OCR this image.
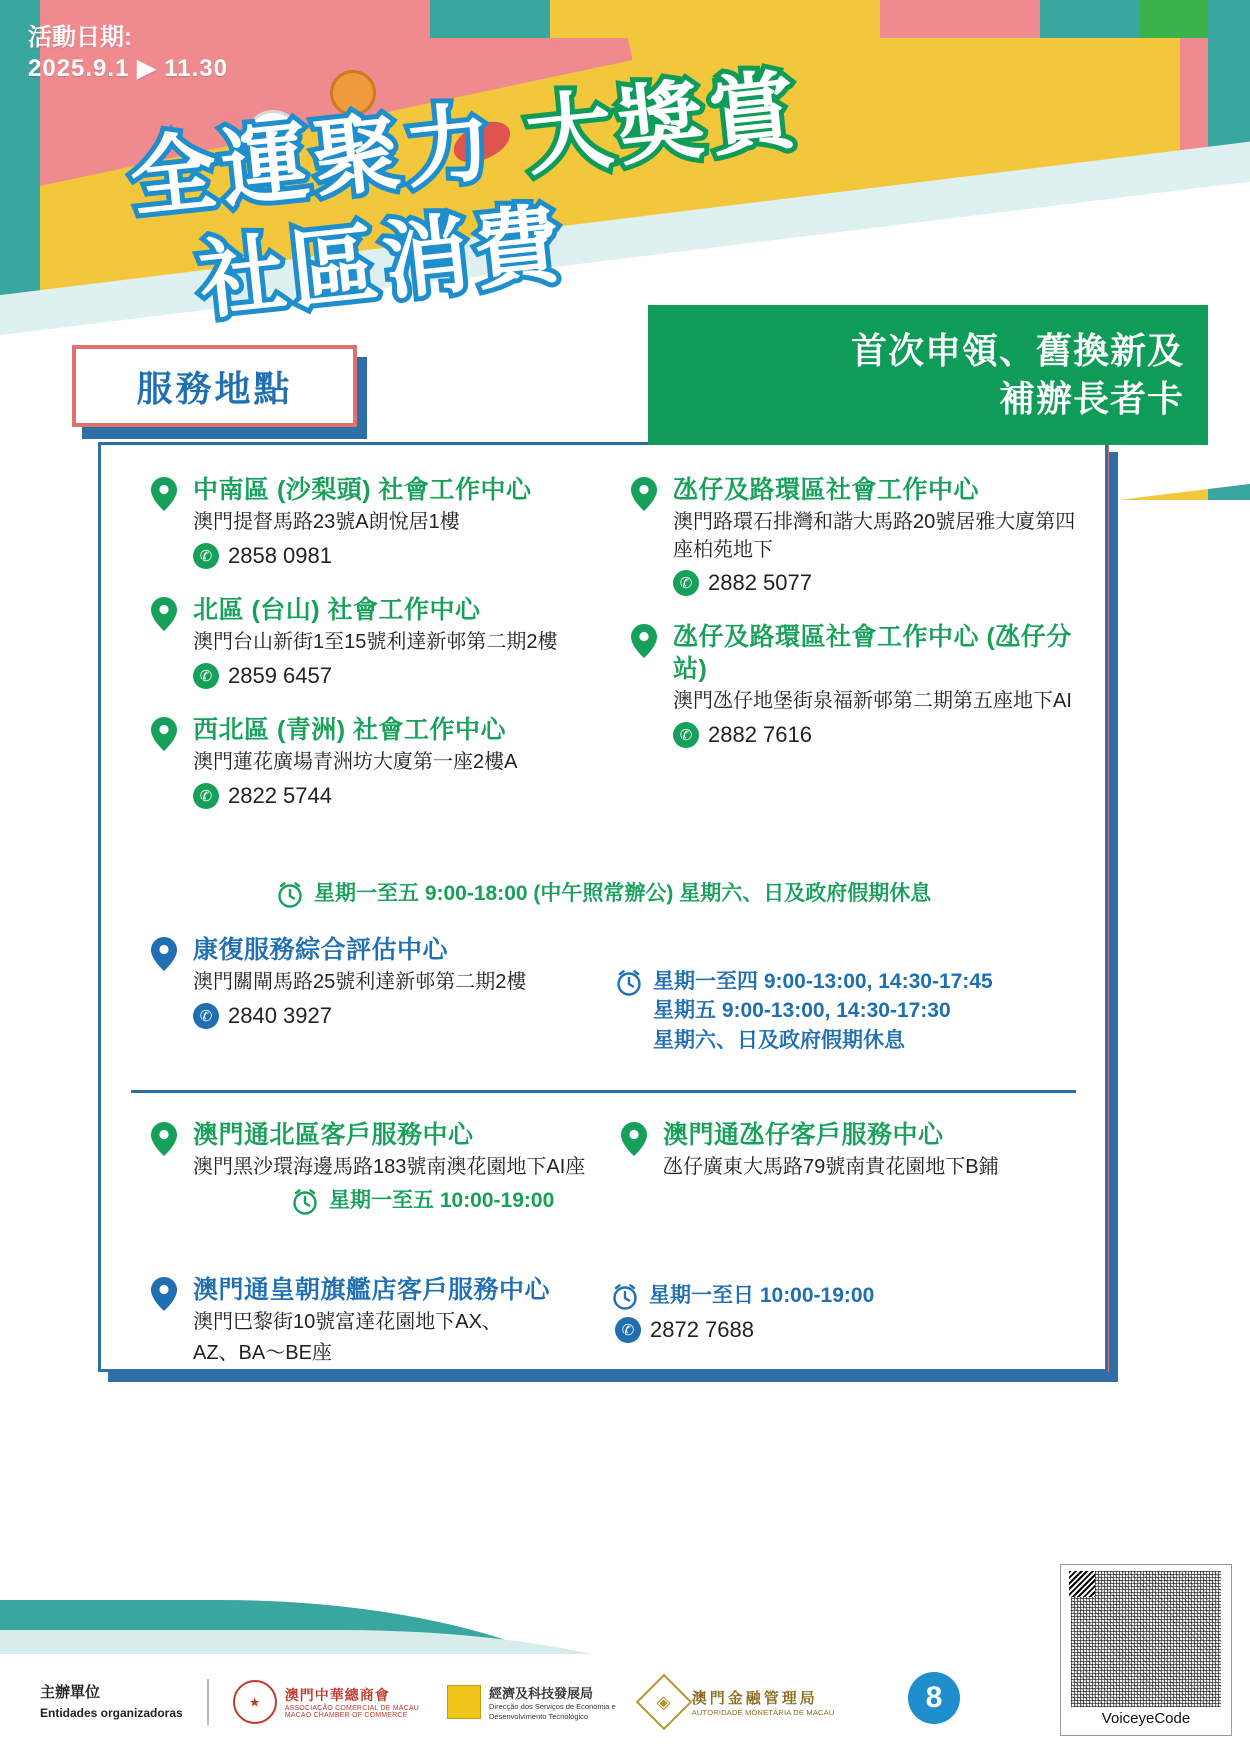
全運聚力 大獎賞
社區消費
活動日期:
2025.9.1 ▶ 11.30
首次申領、舊換新及
補辦長者卡
服務地點
中南區 (沙梨頭) 社會工作中心
澳門提督馬路23號A朗悅居1樓
✆ 2858 0981
北區 (台山) 社會工作中心
澳門台山新街1至15號利達新邨第二期2樓
✆ 2859 6457
西北區 (青洲) 社會工作中心
澳門蓮花廣場青洲坊大廈第一座2樓A
✆ 2822 5744
氹仔及路環區社會工作中心
澳門路環石排灣和諧大馬路20號居雅大廈第四座柏苑地下
✆ 2882 5077
氹仔及路環區社會工作中心 (氹仔分站)
澳門氹仔地堡街泉福新邨第二期第五座地下AI
✆ 2882 7616
星期一至五 9:00-18:00 (中午照常辦公) 星期六、日及政府假期休息
康復服務綜合評估中心
澳門關閘馬路25號利達新邨第二期2樓
✆ 2840 3927
星期一至四 9:00-13:00, 14:30-17:45
星期五 9:00-13:00, 14:30-17:30
星期六、日及政府假期休息
澳門通北區客戶服務中心
澳門黑沙環海邊馬路183號南澳花園地下AI座
澳門通氹仔客戶服務中心
氹仔廣東大馬路79號南貴花園地下B鋪
星期一至五 10:00-19:00
澳門通皇朝旗艦店客戶服務中心
澳門巴黎街10號富達花園地下AX、
AZ、BA～BE座
星期一至日 10:00-19:00
✆ 2872 7688
主辦單位
Entidades organizadoras
★	澳門中華總商會
ASSOCIAÇÃO COMERCIAL DE MACAU
MACAO CHAMBER OF COMMERCE
經濟及科技發展局
Direcção dos Serviços de Economia e
Desenvolvimento Tecnológico
◈ 澳門金融管理局
AUTORIDADE MONETÁRIA DE MACAU	8
VoiceyeCode
